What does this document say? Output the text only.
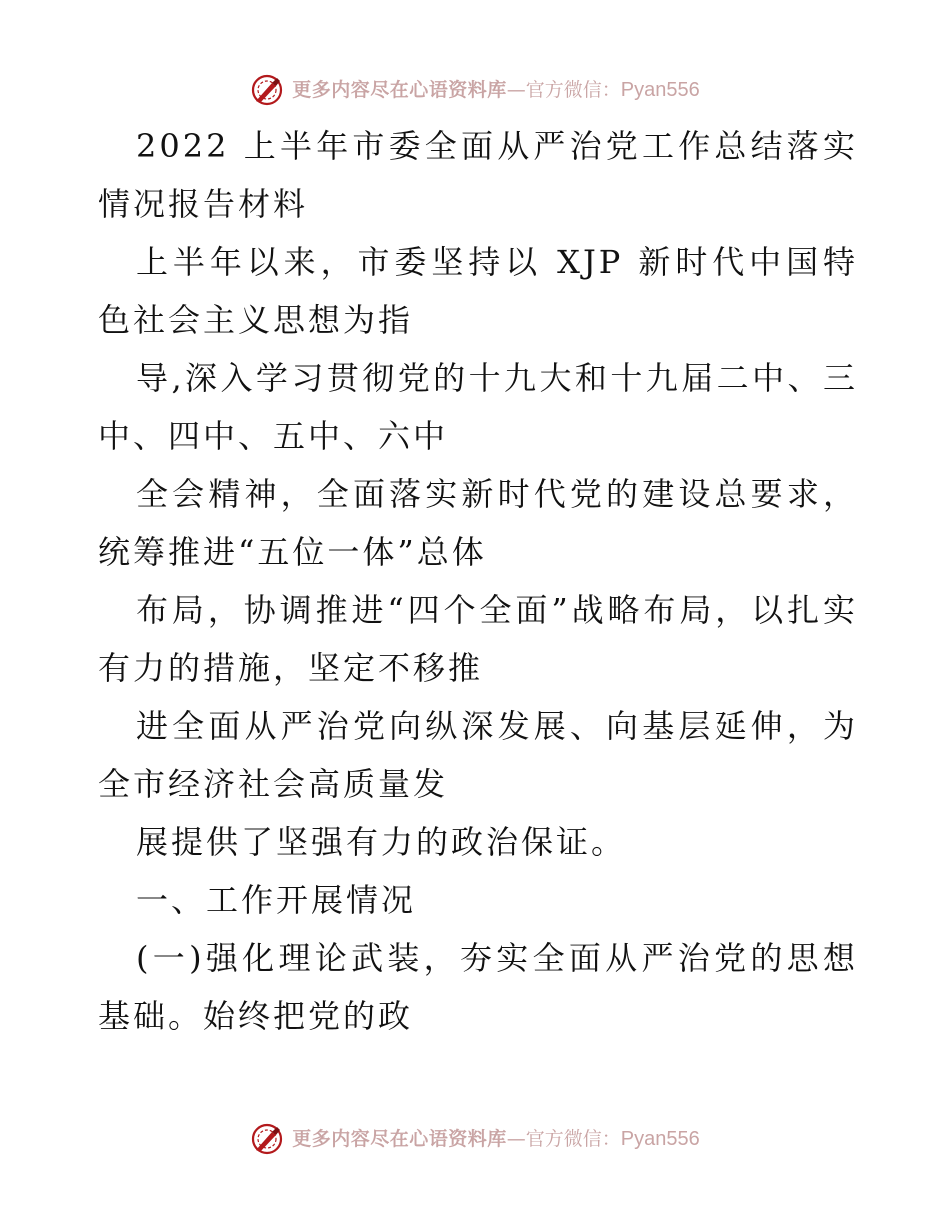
更多内容尽在心语资料库 — 官方微信： Pyan556

2022 上半年市委全面从严治党工作总结落实情况报告材料

上半年以来，市委坚持以 XJP 新时代中国特色社会主义思想为指

导,深入学习贯彻党的十九大和十九届二中、三中、四中、五中、六中

全会精神，全面落实新时代党的建设总要求，统筹推进“五位一体”总体

布局，协调推进“四个全面”战略布局，以扎实有力的措施，坚定不移推

进全面从严治党向纵深发展、向基层延伸，为全市经济社会高质量发

展提供了坚强有力的政治保证。

一、工作开展情况

(一)强化理论武装，夯实全面从严治党的思想基础。始终把党的政

更多内容尽在心语资料库 — 官方微信： Pyan556
